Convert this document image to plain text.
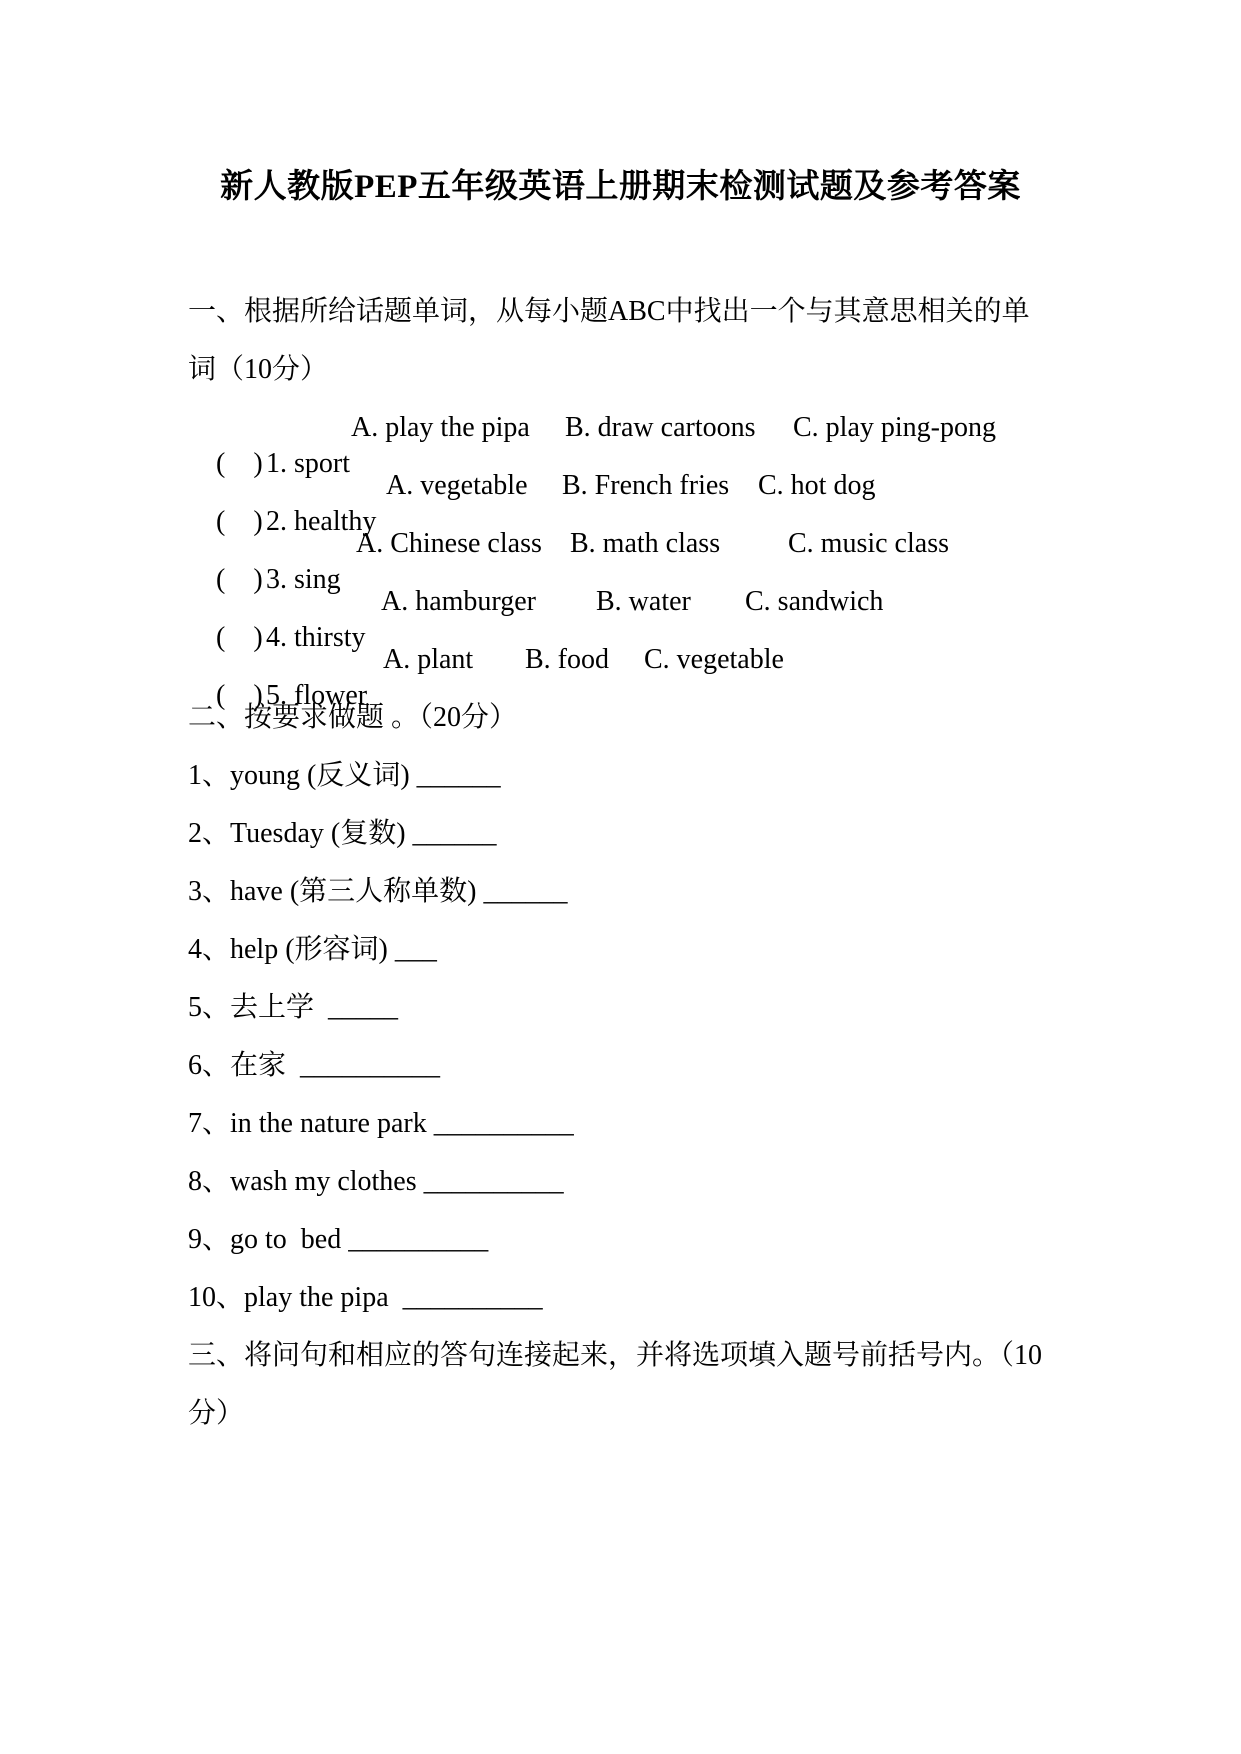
新人教版PEP五年级英语上册期末检测试题及参考答案
一、根据所给话题单词，从每小题ABC中找出一个与其意思相关的单
词（10分）

(    ) 1. sport

A. play the pipa

B. draw cartoons

C. play ping-pong

(    ) 2. healthy

A. vegetable

B. French fries

C. hot dog

(    ) 3. sing

A. Chinese class

B. math class

C. music class

(    ) 4. thirsty

A. hamburger

B. water

C. sandwich

(    ) 5. flower

A. plant

B. food

C. vegetable

二、按要求做题 。（20分）
1、young (反义词) ______
2、Tuesday (复数) ______
3、have (第三人称单数) ______
4、help (形容词) ___
5、去上学  _____
6、在家  __________
7、in the nature park __________
8、wash my clothes __________
9、go to  bed __________
10、play the pipa  __________
三、将问句和相应的答句连接起来，并将选项填入题号前括号内。（10
分）
